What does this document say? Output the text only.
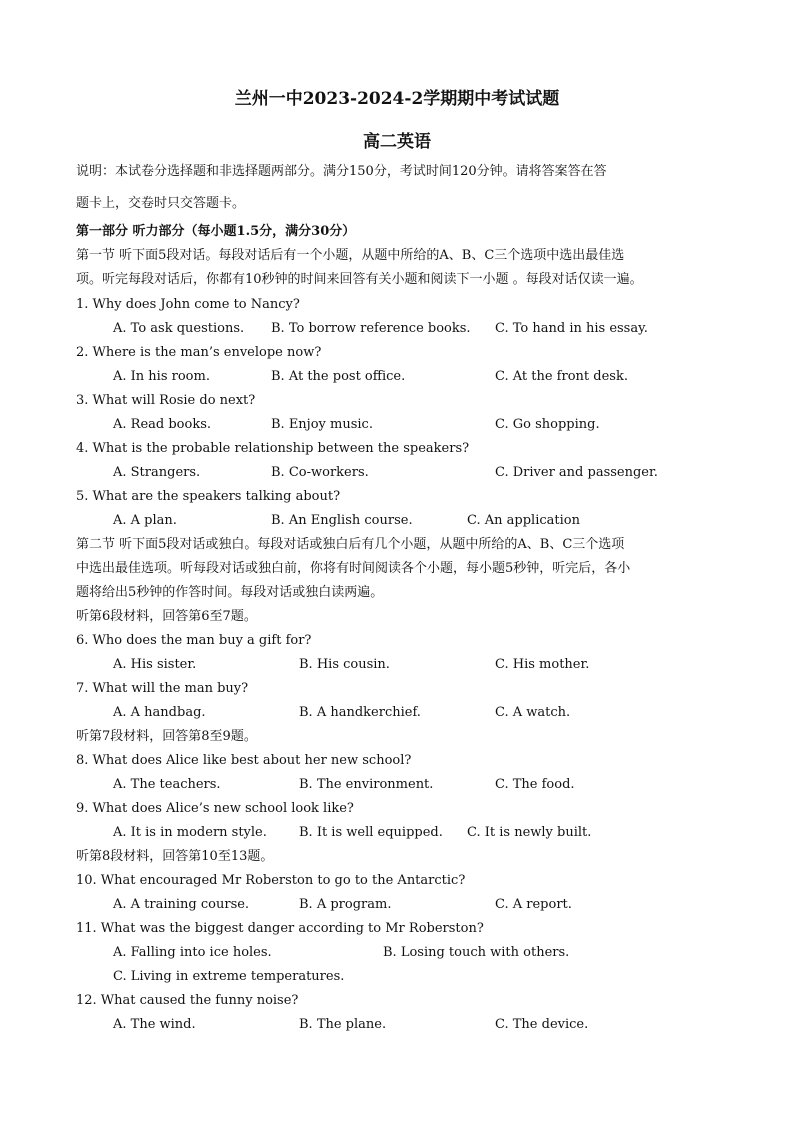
兰州一中2023-2024-2学期期中考试试题
高二英语
说明：本试卷分选择题和非选择题两部分。满分150分，考试时间120分钟。请将答案答在答
题卡上，交卷时只交答题卡。
第一部分 听力部分（每小题1.5分，满分30分）
第一节 听下面5段对话。每段对话后有一个小题，从题中所给的A、B、C三个选项中选出最佳选
项。听完每段对话后，你都有10秒钟的时间来回答有关小题和阅读下一小题 。每段对话仅读一遍。
1. Why does John come to Nancy?
A. To ask questions. B. To borrow reference books. C. To hand in his essay.
2. Where is the man’s envelope now?
A. In his room.	B. At the post office.	C. At the front desk.
3. What will Rosie do next?
A. Read books.	B. Enjoy music.	C. Go shopping.
4. What is the probable relationship between the speakers?
A. Strangers.	B. Co-workers.	C. Driver and passenger.
5. What are the speakers talking about?
A. A plan.	B. An English course.	C. An application
第二节 听下面5段对话或独白。每段对话或独白后有几个小题，从题中所给的A、B、C三个选项
中选出最佳选项。听每段对话或独白前，你将有时间阅读各个小题，每小题5秒钟，听完后，各小
题将给出5秒钟的作答时间。每段对话或独白读两遍。
听第6段材料，回答第6至7题。
6. Who does the man buy a gift for?
A. His sister.	B. His cousin.	C. His mother.
7. What will the man buy?
A. A handbag.	B. A handkerchief.	C. A watch.
听第7段材料，回答第8至9题。
8. What does Alice like best about her new school?
A. The teachers.	B. The environment.	C. The food.
9. What does Alice’s new school look like?
A. It is in modern style. B. It is well equipped. C. It is newly built.
听第8段材料，回答第10至13题。
10. What encouraged Mr Roberston to go to the Antarctic?
A. A training course.	B. A program.	C. A report.
11. What was the biggest danger according to Mr Roberston?
A. Falling into ice holes.	B. Losing touch with others.
C. Living in extreme temperatures.
12. What caused the funny noise?
A. The wind.	B. The plane.	C. The device.
